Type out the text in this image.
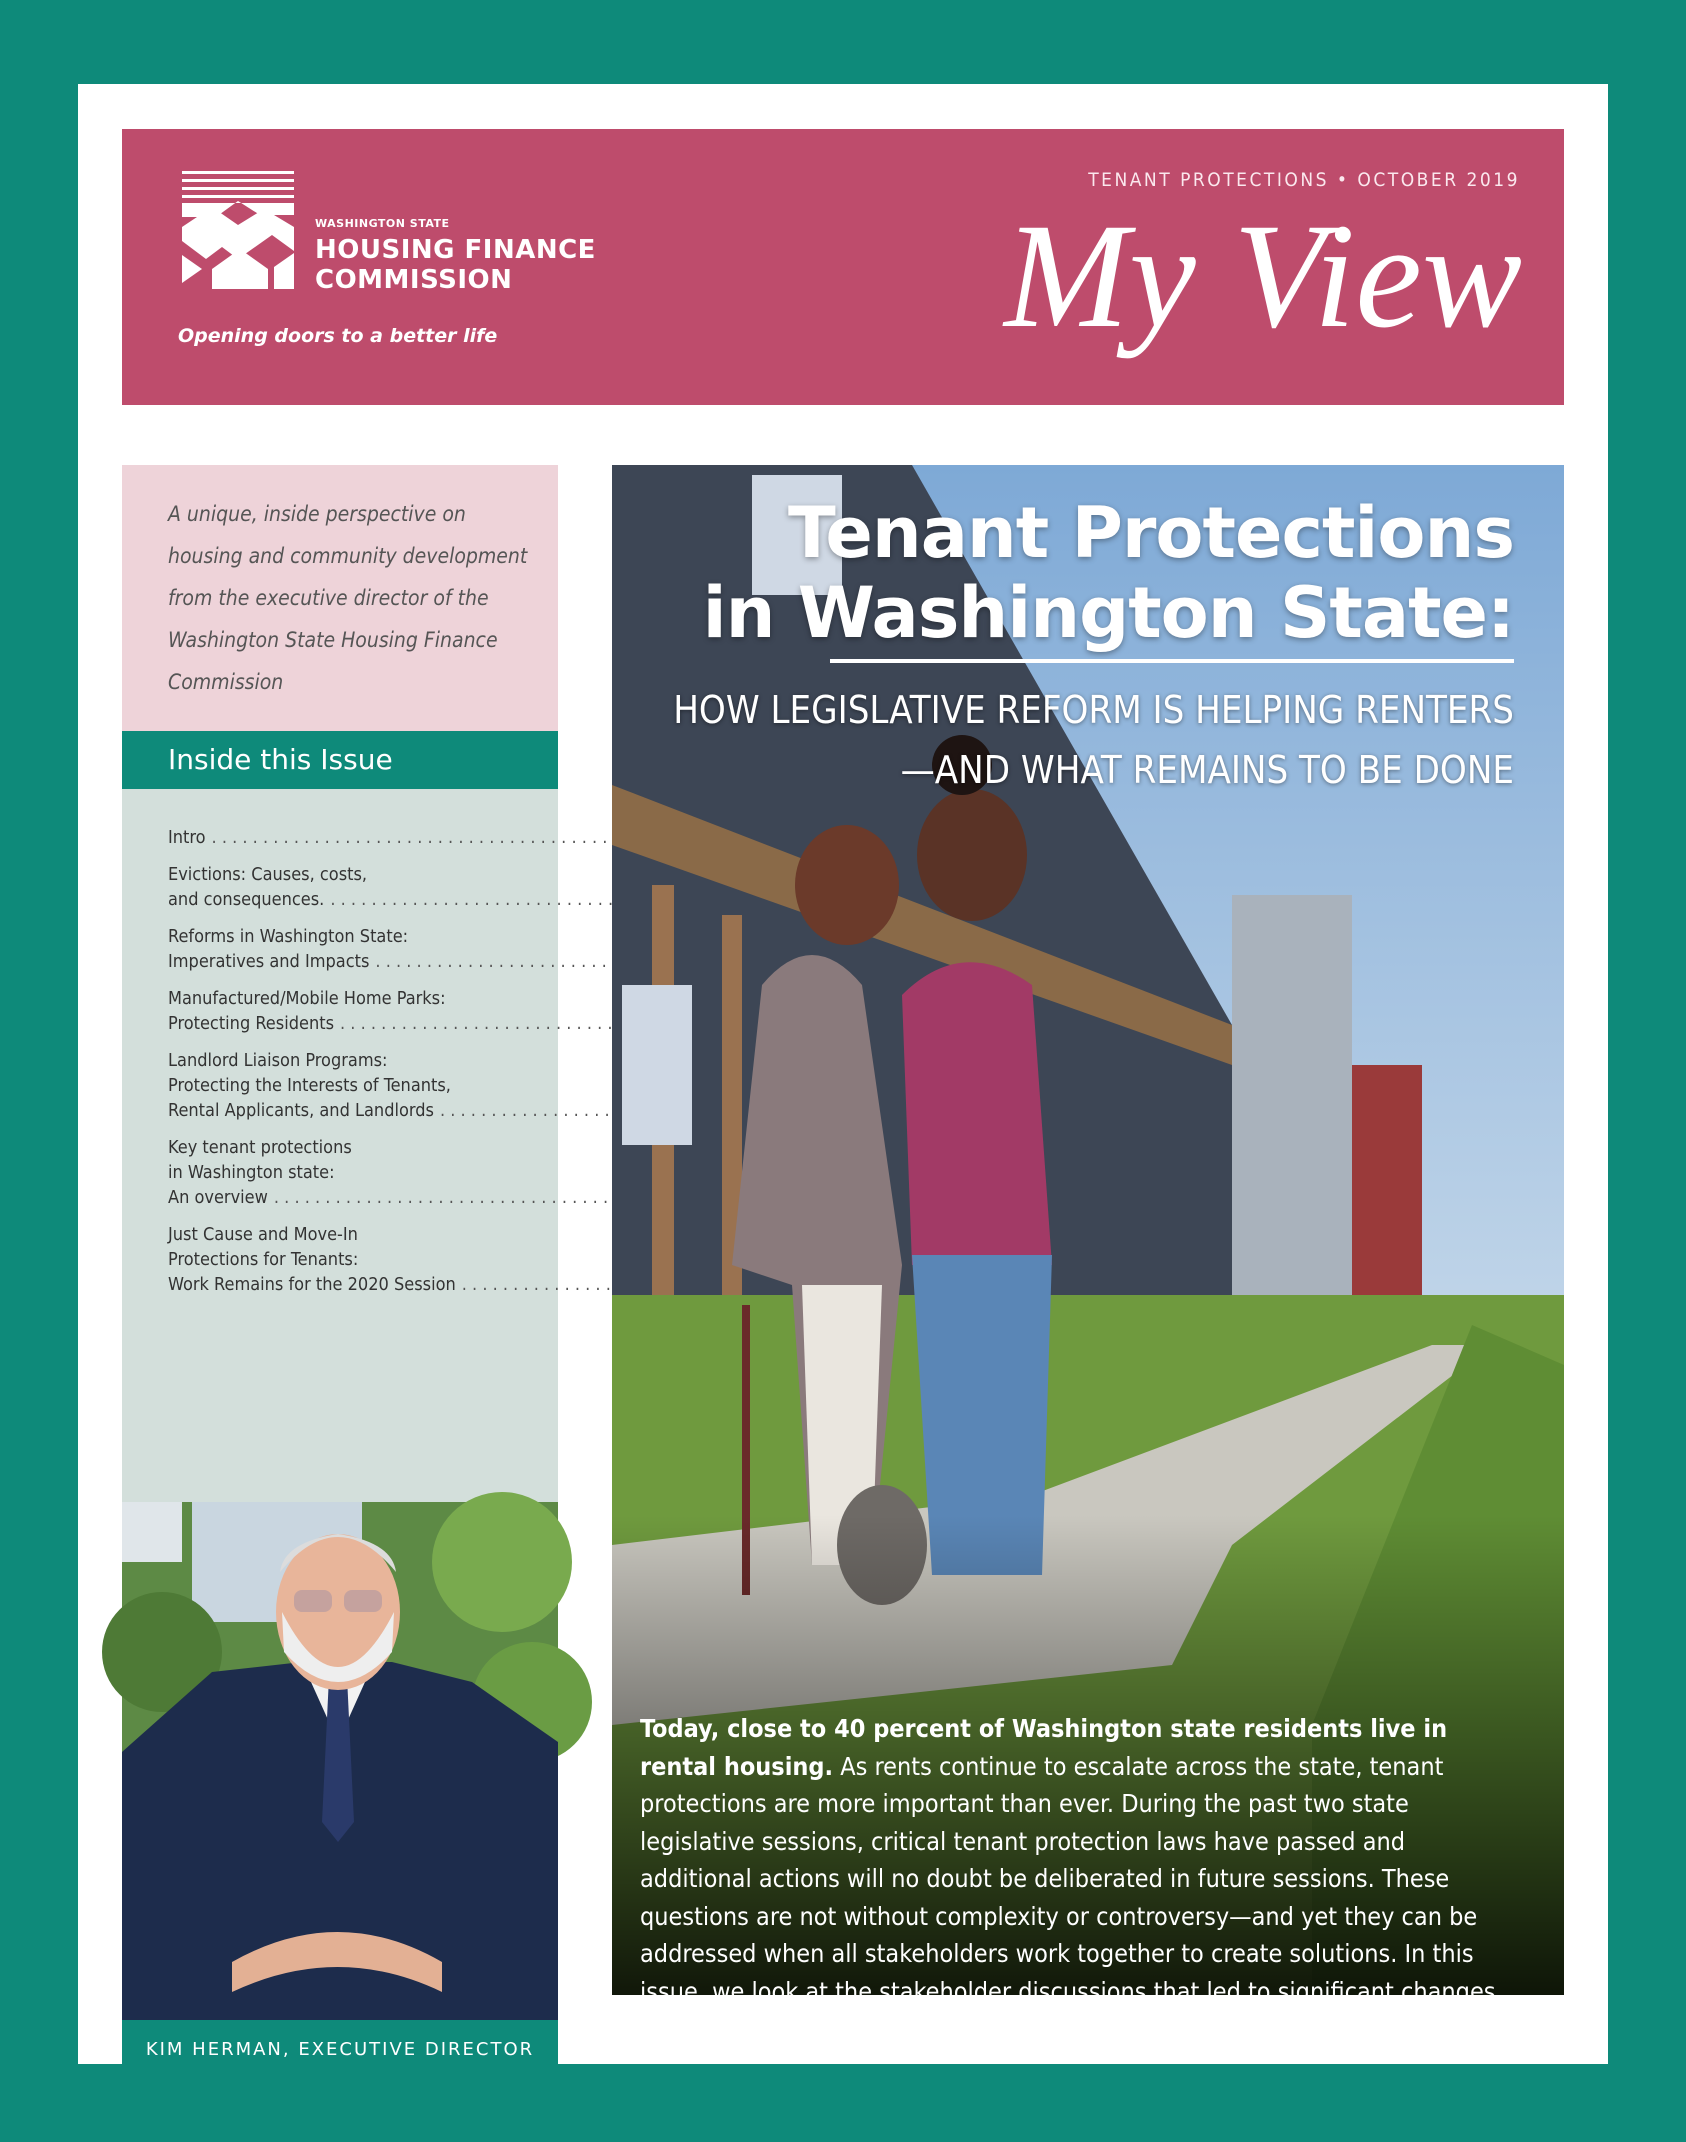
WASHINGTON STATE
HOUSING FINANCE
COMMISSION
Opening doors to a better life
TENANT PROTECTIONS • OCTOBER 2019
My View
A unique, inside perspective on housing and community development from the executive director of the Washington State Housing Finance Commission
Inside this Issue
Intro
. . .
Evictions: Causes, costs,
and consequences.
. . .
Reforms in Washington State:
Imperatives and Impacts
. . .
Manufactured/Mobile Home Parks:
Protecting Residents
. . .
Landlord Liaison Programs:
Protecting the Interests of Tenants,
Rental Applicants, and Landlords
. . .
Key tenant protections
in Washington state:
An overview
. . .
Just Cause and Move-In
Protections for Tenants:
Work Remains for the 2020 Session
. . .
KIM HERMAN, EXECUTIVE DIRECTOR
Tenant Protections
in Washington State:
HOW LEGISLATIVE REFORM IS HELPING RENTERS
—AND WHAT REMAINS TO BE DONE
Today, close to 40 percent of Washington state residents live in rental housing. As rents continue to escalate across the state, tenant protections are more important than ever. During the past two state legislative sessions, critical tenant protection laws have passed and additional actions will no doubt be deliberated in future sessions. These questions are not without complexity or controversy—and yet they can be addressed when all stakeholders work together to create solutions. In this issue, we look at the stakeholder discussions that led to significant changes to landlord-tenant protections in Washington.
